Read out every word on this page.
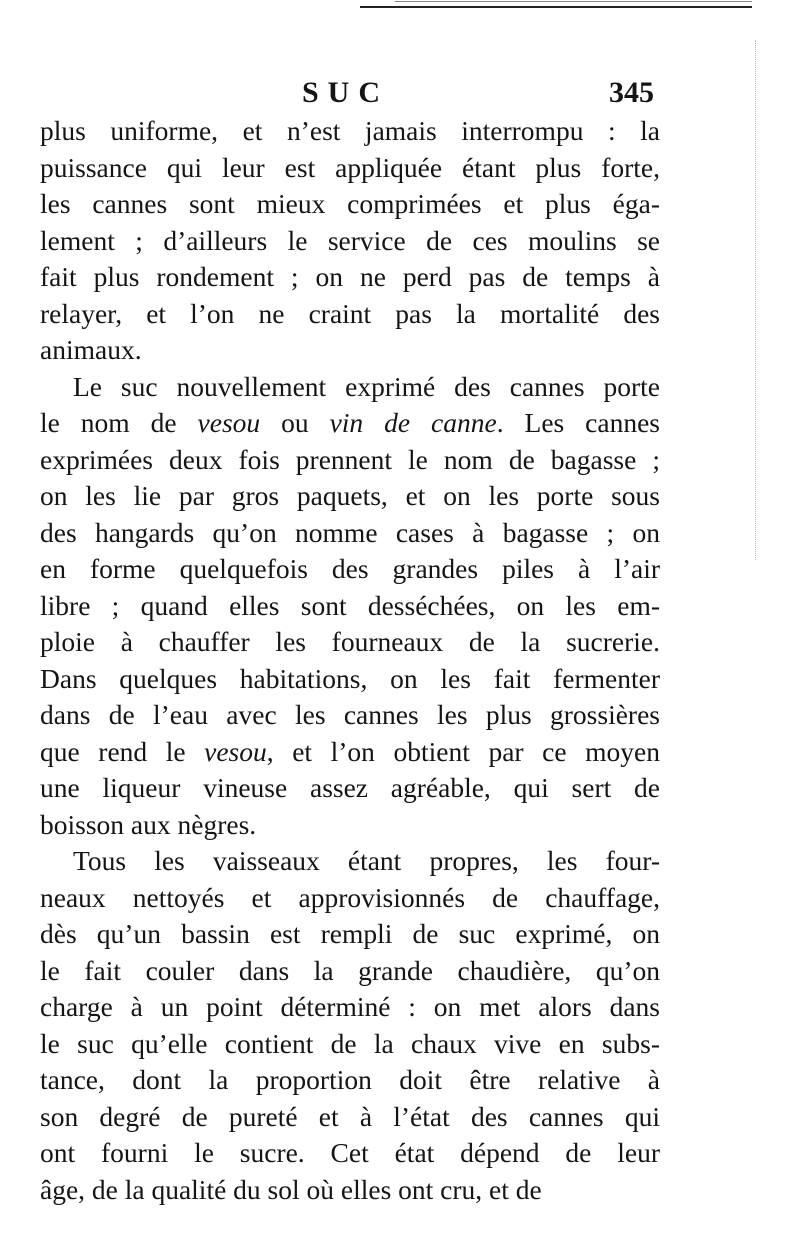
SUC	345
plus uniforme, et n’est jamais interrompu : la
puissance qui leur est appliquée étant plus forte,
les cannes sont mieux comprimées et plus éga-
lement ; d’ailleurs le service de ces moulins se
fait plus rondement ; on ne perd pas de temps à
relayer, et l’on ne craint pas la mortalité des
animaux.
Le suc nouvellement exprimé des cannes porte
le nom de vesou ou vin de canne. Les cannes
exprimées deux fois prennent le nom de bagasse ;
on les lie par gros paquets, et on les porte sous
des hangards qu’on nomme cases à bagasse ; on
en forme quelquefois des grandes piles à l’air
libre ; quand elles sont desséchées, on les em-
ploie à chauffer les fourneaux de la sucrerie.
Dans quelques habitations, on les fait fermenter
dans de l’eau avec les cannes les plus grossières
que rend le vesou, et l’on obtient par ce moyen
une liqueur vineuse assez agréable, qui sert de
boisson aux nègres.
Tous les vaisseaux étant propres, les four-
neaux nettoyés et approvisionnés de chauffage,
dès qu’un bassin est rempli de suc exprimé, on
le fait couler dans la grande chaudière, qu’on
charge à un point déterminé : on met alors dans
le suc qu’elle contient de la chaux vive en subs-
tance, dont la proportion doit être relative à
son degré de pureté et à l’état des cannes qui
ont fourni le sucre. Cet état dépend de leur
âge, de la qualité du sol où elles ont cru, et de
